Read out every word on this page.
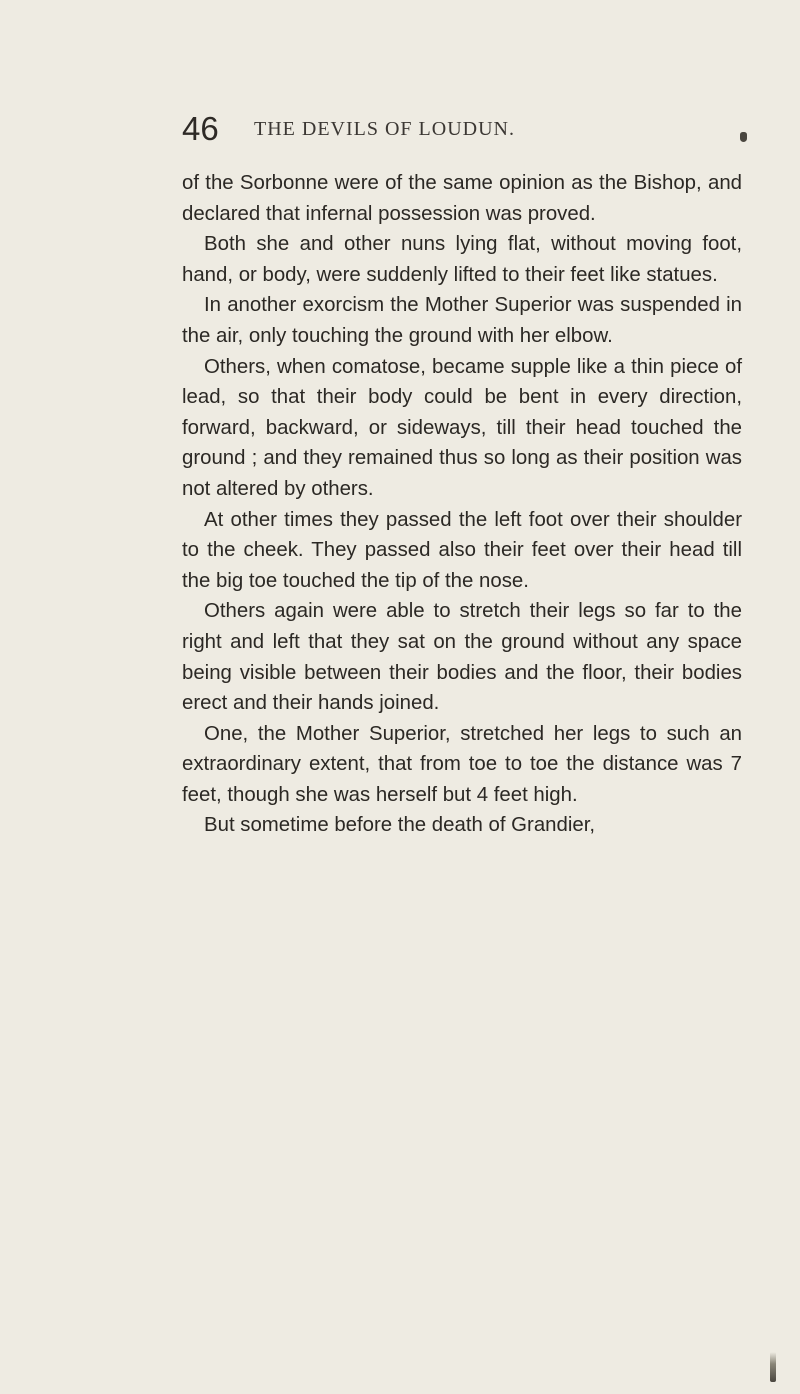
46 THE DEVILS OF LOUDUN.

of the Sorbonne were of the same opinion as the Bishop, and declared that infernal possession was proved.

Both she and other nuns lying flat, without moving foot, hand, or body, were suddenly lifted to their feet like statues.

In another exorcism the Mother Superior was suspended in the air, only touching the ground with her elbow.

Others, when comatose, became supple like a thin piece of lead, so that their body could be bent in every direction, forward, backward, or sideways, till their head touched the ground ; and they remained thus so long as their position was not altered by others.

At other times they passed the left foot over their shoulder to the cheek. They passed also their feet over their head till the big toe touched the tip of the nose.

Others again were able to stretch their legs so far to the right and left that they sat on the ground without any space being visible between their bodies and the floor, their bodies erect and their hands joined.

One, the Mother Superior, stretched her legs to such an extraordinary extent, that from toe to toe the distance was 7 feet, though she was herself but 4 feet high.

But sometime before the death of Grandier,
